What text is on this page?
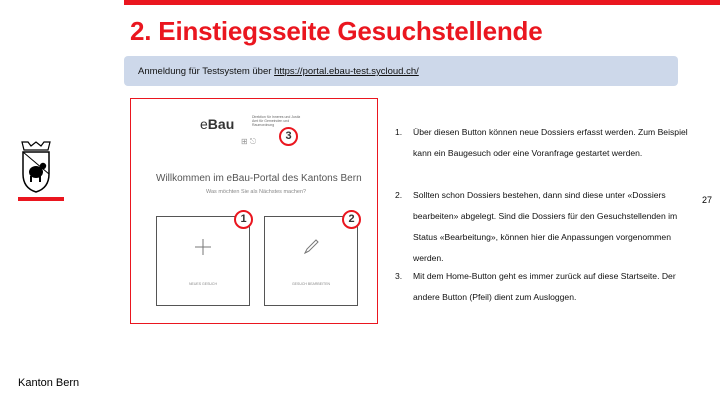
2. Einstiegsseite Gesuchstellende
Anmeldung für Testsystem über https://portal.ebau-test.sycloud.ch/
Kanton Bern
27
eBau	Direktion für Inneres und Justiz
Amt für Gemeinden und Raumordnung
⊞ ⎋
Willkommen im eBau-Portal des Kantons Bern
Was möchten Sie als Nächstes machen?
NEUES GESUCH	GESUCH BEARBEITEN
3
1	2
1. Über diesen Button können neue Dossiers erfasst werden. Zum Beispiel kann ein Baugesuch oder eine Voranfrage gestartet werden.
2. Sollten schon Dossiers bestehen, dann sind diese unter «Dossiers bearbeiten» abgelegt. Sind die Dossiers für den Gesuchstellenden im Status «Bearbeitung», können hier die Anpassungen vorgenommen werden.
3. Mit dem Home-Button geht es immer zurück auf diese Startseite. Der andere Button (Pfeil) dient zum Ausloggen.
